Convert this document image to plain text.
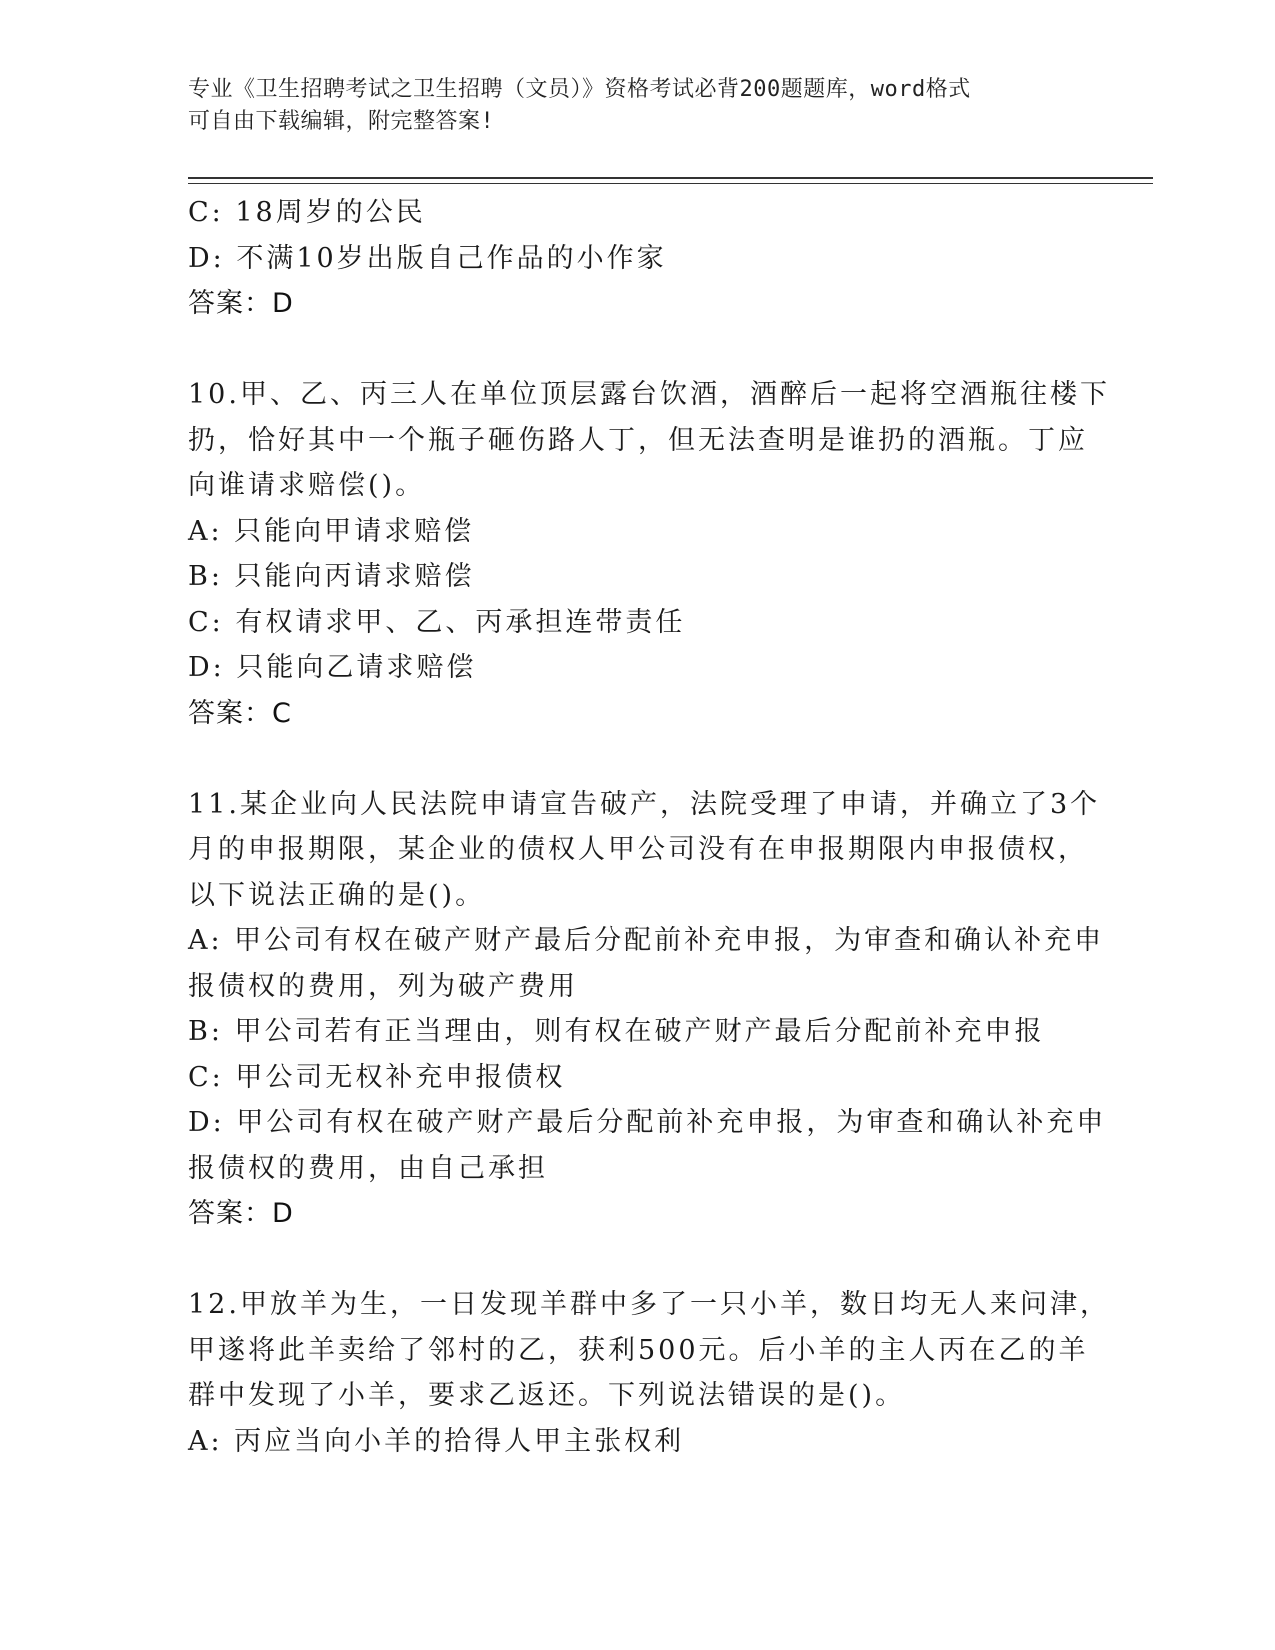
专业《卫生招聘考试之卫生招聘（文员）》资格考试必背200题题库，word格式
可自由下载编辑，附完整答案!
C: 18周岁的公民
D: 不满10岁出版自己作品的小作家
答案：D
10.甲、乙、丙三人在单位顶层露台饮酒，酒醉后一起将空酒瓶往楼下
扔，恰好其中一个瓶子砸伤路人丁，但无法查明是谁扔的酒瓶。丁应
向谁请求赔偿()。
A: 只能向甲请求赔偿
B: 只能向丙请求赔偿
C: 有权请求甲、乙、丙承担连带责任
D: 只能向乙请求赔偿
答案：C
11.某企业向人民法院申请宣告破产，法院受理了申请，并确立了3个
月的申报期限，某企业的债权人甲公司没有在申报期限内申报债权，
以下说法正确的是()。
A: 甲公司有权在破产财产最后分配前补充申报，为审查和确认补充申
报债权的费用，列为破产费用
B: 甲公司若有正当理由，则有权在破产财产最后分配前补充申报
C: 甲公司无权补充申报债权
D: 甲公司有权在破产财产最后分配前补充申报，为审查和确认补充申
报债权的费用，由自己承担
答案：D
12.甲放羊为生，一日发现羊群中多了一只小羊，数日均无人来问津，
甲遂将此羊卖给了邻村的乙，获利500元。后小羊的主人丙在乙的羊
群中发现了小羊，要求乙返还。下列说法错误的是()。
A: 丙应当向小羊的拾得人甲主张权利
